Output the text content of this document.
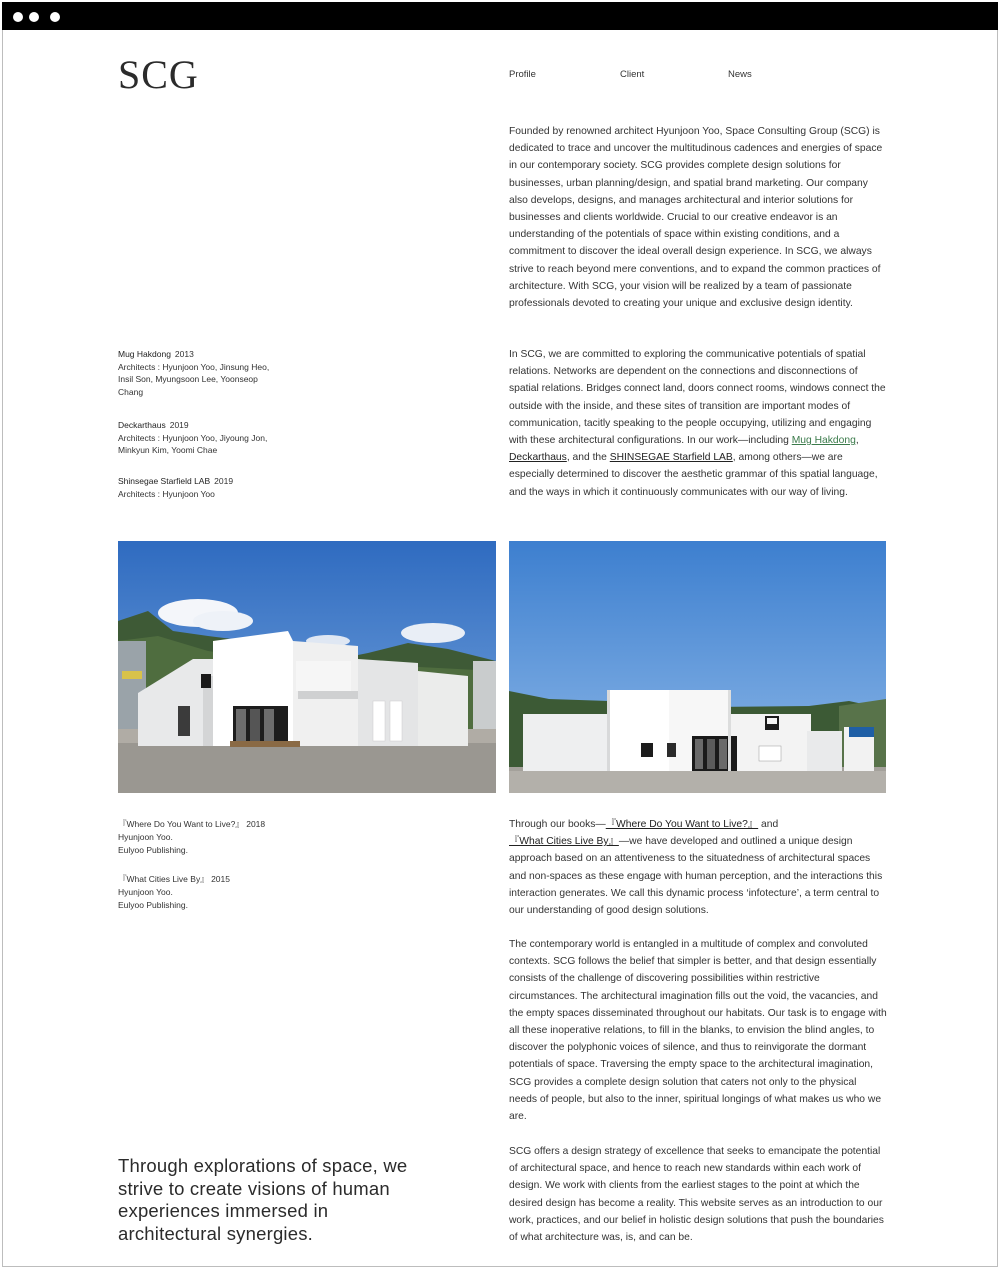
SCG	Profile	Client	News

Founded by renowned architect Hyunjoon Yoo, Space Consulting Group (SCG) is dedicated to trace and uncover the multitudinous cadences and energies of space in our contemporary society. SCG provides complete design solutions for businesses, urban planning/design, and spatial brand marketing. Our company also develops, designs, and manages architectural and interior solutions for businesses and clients worldwide. Crucial to our creative endeavor is an understanding of the potentials of space within existing conditions, and a commitment to discover the ideal overall design experience. In SCG, we always strive to reach beyond mere conventions, and to expand the common practices of architecture. With SCG, your vision will be realized by a team of passionate professionals devoted to creating your unique and exclusive design identity.

In SCG, we are committed to exploring the communicative potentials of spatial relations. Networks are dependent on the connections and disconnections of spatial relations. Bridges connect land, doors connect rooms, windows connect the outside with the inside, and these sites of transition are important modes of communication, tacitly speaking to the people occupying, utilizing and engaging with these architectural configurations. In our work—including Mug Hakdong, Deckarthaus, and the SHINSEGAE Starfield LAB, among others—we are especially determined to discover the aesthetic grammar of this spatial language, and the ways in which it continuously communicates with our way of living.

Mug Hakdong 2013
Architects : Hyunjoon Yoo, Jinsung Heo, Insil Son, Myungsoon Lee, Yoonseop Chang
Deckarthaus 2019
Architects : Hyunjoon Yoo, Jiyoung Jon, Minkyun Kim, Yoomi Chae
Shinsegae Starfield LAB 2019
Architects : Hyunjoon Yoo
『Where Do You Want to Live?』 2018
Hyunjoon Yoo.
Eulyoo Publishing.
『What Cities Live By』 2015
Hyunjoon Yoo.
Eulyoo Publishing.

Through our books—『Where Do You Want to Live?』 and 『What Cities Live By』—we have developed and outlined a unique design approach based on an attentiveness to the situatedness of architectural spaces and non-spaces as these engage with human perception, and the interactions this interaction generates. We call this dynamic process ‘infotecture’, a term central to our understanding of good design solutions.

The contemporary world is entangled in a multitude of complex and convoluted contexts. SCG follows the belief that simpler is better, and that design essentially consists of the challenge of discovering possibilities within restrictive circumstances. The architectural imagination fills out the void, the vacancies, and the empty spaces disseminated throughout our habitats. Our task is to engage with all these inoperative relations, to fill in the blanks, to envision the blind angles, to discover the polyphonic voices of silence, and thus to reinvigorate the dormant potentials of space. Traversing the empty space to the architectural imagination, SCG provides a complete design solution that caters not only to the physical needs of people, but also to the inner, spiritual longings of what makes us who we are.

SCG offers a design strategy of excellence that seeks to emancipate the potential of architectural space, and hence to reach new standards within each work of design. We work with clients from the earliest stages to the point at which the desired design has become a reality. This website serves as an introduction to our work, practices, and our belief in holistic design solutions that push the boundaries of what architecture was, is, and can be.

Through explorations of space, we strive to create visions of human experiences immersed in architectural synergies.
